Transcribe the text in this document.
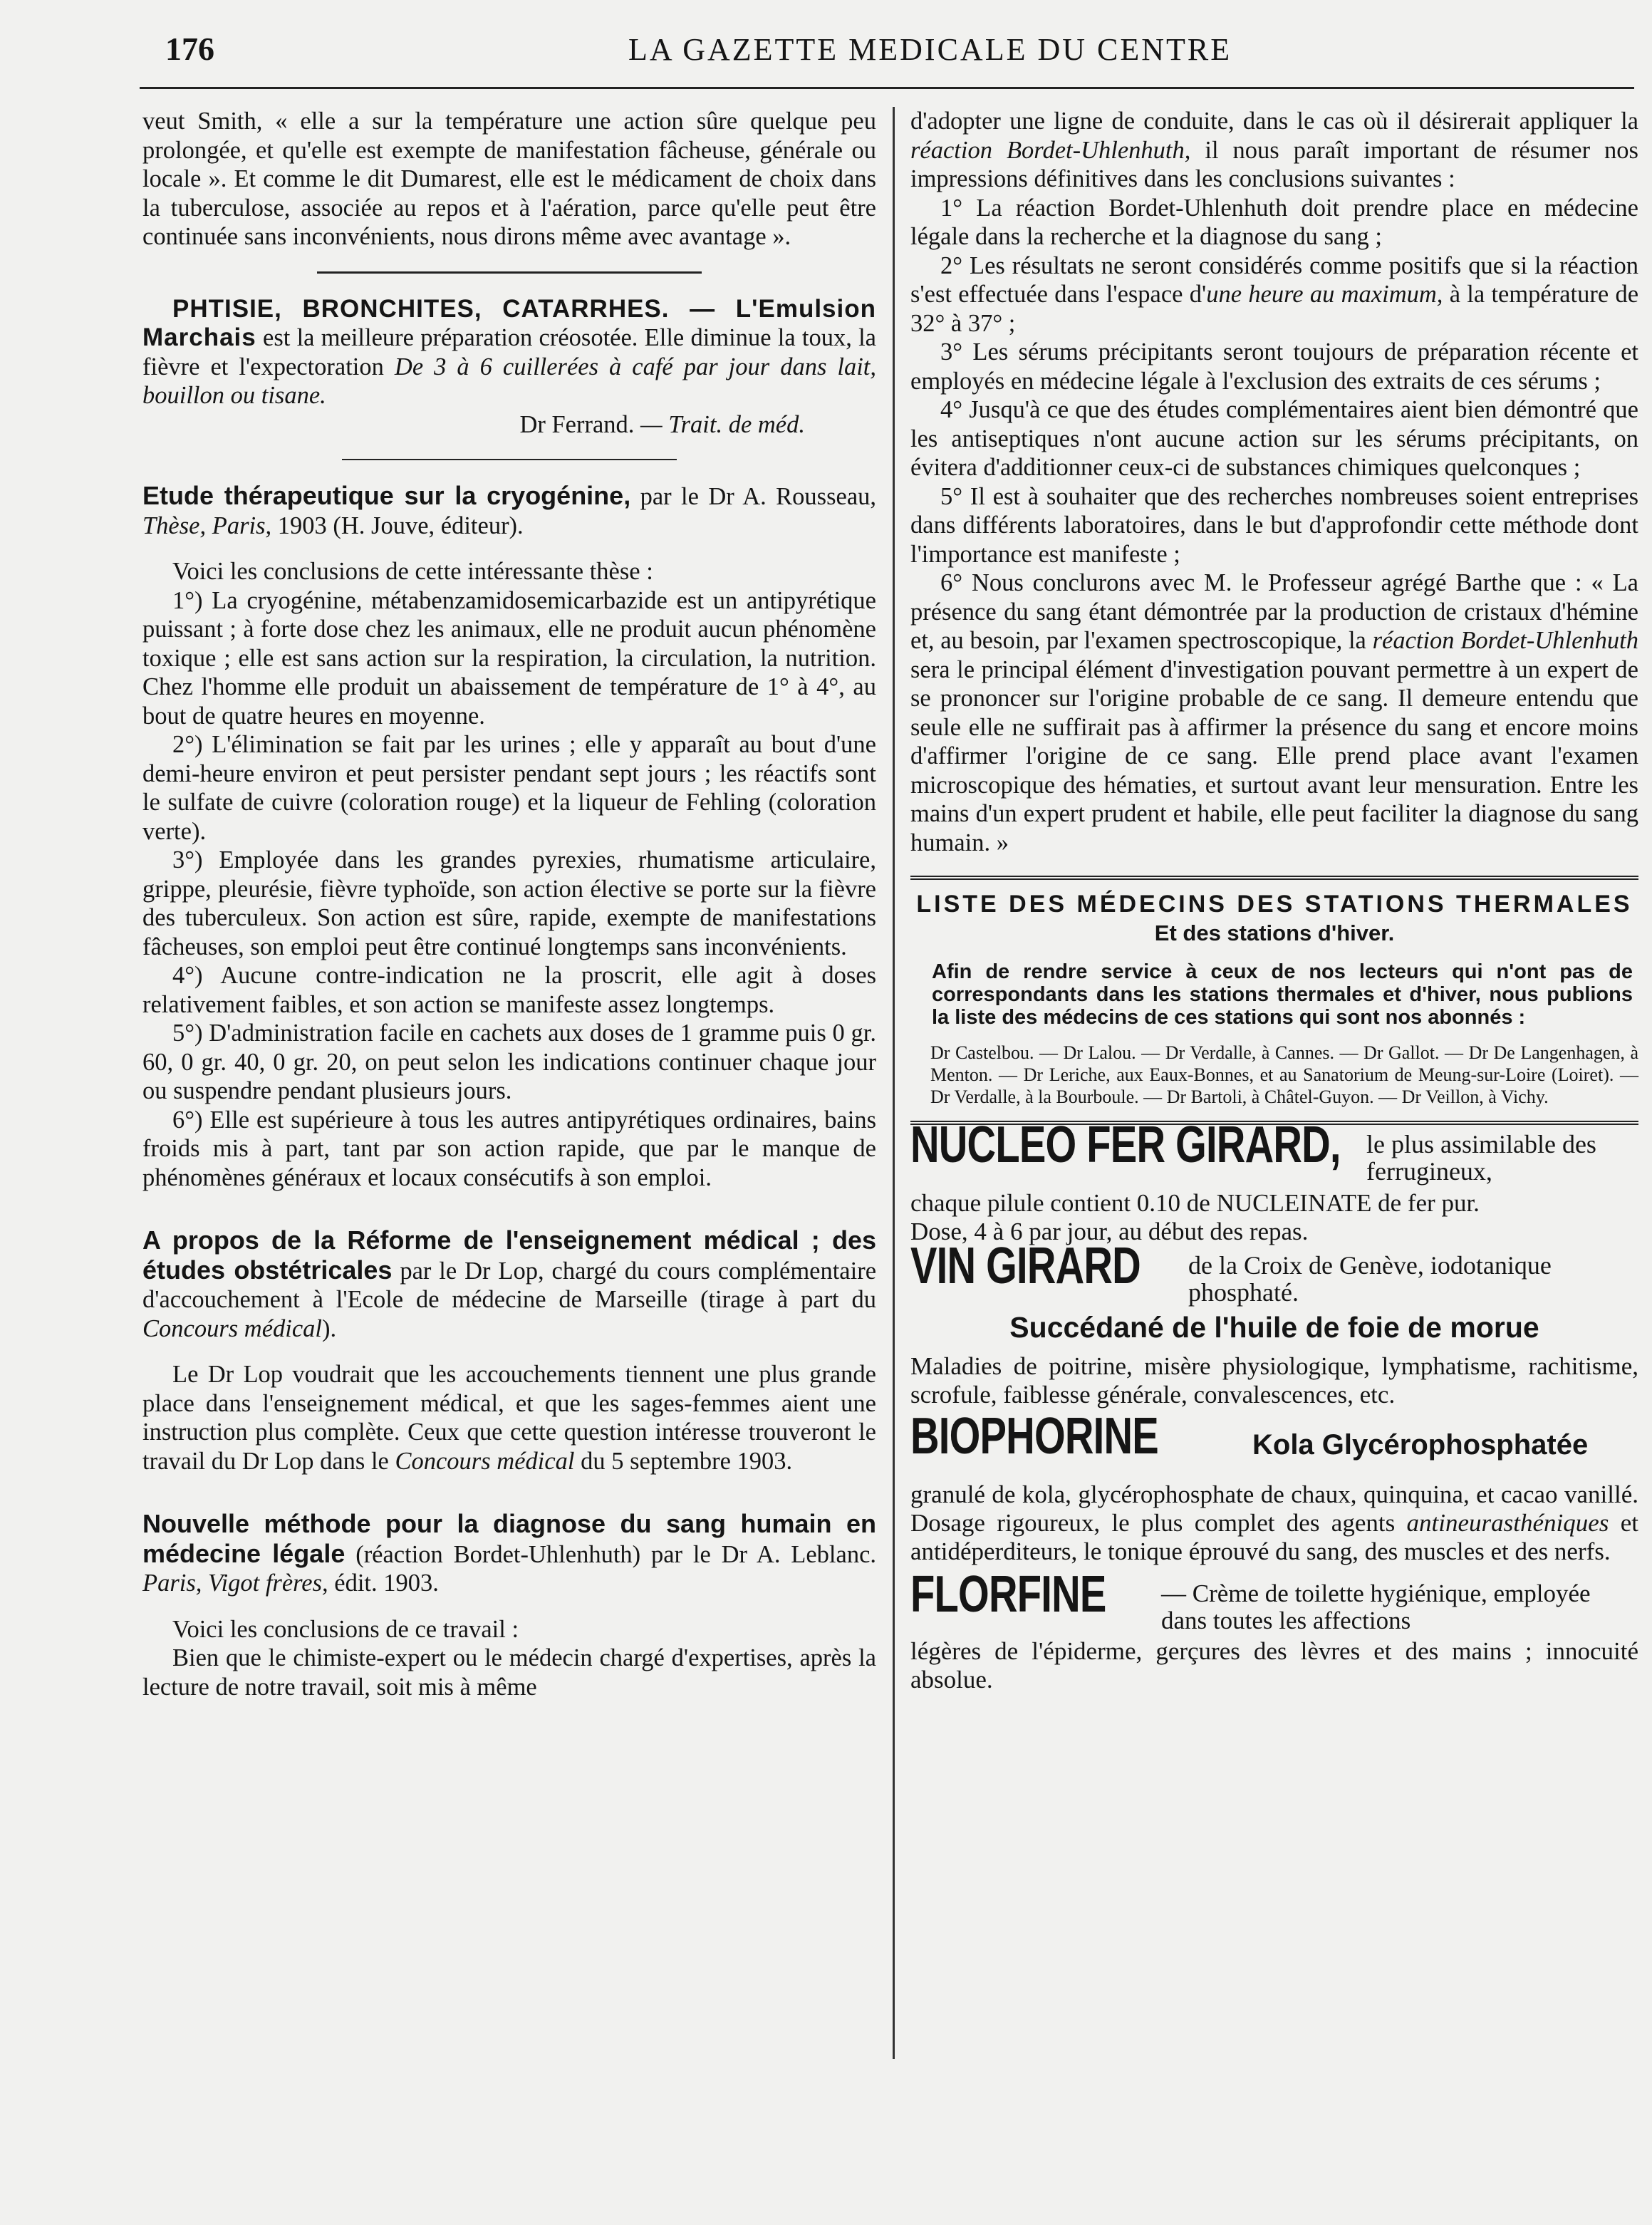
176	LA GAZETTE MEDICALE DU CENTRE

veut Smith, « elle a sur la température une action sûre quelque peu prolongée, et qu'elle est exempte de manifestation fâcheuse, générale ou locale ». Et comme le dit Dumarest, elle est le médicament de choix dans la tuberculose, associée au repos et à l'aération, parce qu'elle peut être continuée sans inconvénients, nous dirons même avec avantage ».

PHTISIE, BRONCHITES, CATARRHES. — L'Emulsion Marchais est la meilleure préparation créosotée. Elle diminue la toux, la fièvre et l'expectoration De 3 à 6 cuillerées à café par jour dans lait, bouillon ou tisane.

Dr Ferrand. — Trait. de méd.

Etude thérapeutique sur la cryogénine, par le Dr A. Rousseau, Thèse, Paris, 1903 (H. Jouve, éditeur).

Voici les conclusions de cette intéressante thèse :

1°) La cryogénine, métabenzamidosemicarbazide est un antipyrétique puissant ; à forte dose chez les animaux, elle ne produit aucun phénomène toxique ; elle est sans action sur la respiration, la circulation, la nutrition. Chez l'homme elle produit un abaissement de température de 1° à 4°, au bout de quatre heures en moyenne.

2°) L'élimination se fait par les urines ; elle y apparaît au bout d'une demi-heure environ et peut persister pendant sept jours ; les réactifs sont le sulfate de cuivre (coloration rouge) et la liqueur de Fehling (coloration verte).

3°) Employée dans les grandes pyrexies, rhumatisme articulaire, grippe, pleurésie, fièvre typhoïde, son action élective se porte sur la fièvre des tuberculeux. Son action est sûre, rapide, exempte de manifestations fâcheuses, son emploi peut être continué longtemps sans inconvénients.

4°) Aucune contre-indication ne la proscrit, elle agit à doses relativement faibles, et son action se manifeste assez longtemps.

5°) D'administration facile en cachets aux doses de 1 gramme puis 0 gr. 60, 0 gr. 40, 0 gr. 20, on peut selon les indications continuer chaque jour ou suspendre pendant plusieurs jours.

6°) Elle est supérieure à tous les autres antipyrétiques ordinaires, bains froids mis à part, tant par son action rapide, que par le manque de phénomènes généraux et locaux consécutifs à son emploi.

A propos de la Réforme de l'enseignement médical ; des études obstétricales par le Dr Lop, chargé du cours complémentaire d'accouchement à l'Ecole de médecine de Marseille (tirage à part du Concours médical).

Le Dr Lop voudrait que les accouchements tiennent une plus grande place dans l'enseignement médical, et que les sages-femmes aient une instruction plus complète. Ceux que cette question intéresse trouveront le travail du Dr Lop dans le Concours médical du 5 septembre 1903.

Nouvelle méthode pour la diagnose du sang humain en médecine légale (réaction Bordet-Uhlenhuth) par le Dr A. Leblanc. Paris, Vigot frères, édit. 1903.

Voici les conclusions de ce travail :

Bien que le chimiste-expert ou le médecin chargé d'expertises, après la lecture de notre travail, soit mis à même

d'adopter une ligne de conduite, dans le cas où il désirerait appliquer la réaction Bordet-Uhlenhuth, il nous paraît important de résumer nos impressions définitives dans les conclusions suivantes :

1° La réaction Bordet-Uhlenhuth doit prendre place en médecine légale dans la recherche et la diagnose du sang ;

2° Les résultats ne seront considérés comme positifs que si la réaction s'est effectuée dans l'espace d'une heure au maximum, à la température de 32° à 37° ;

3° Les sérums précipitants seront toujours de préparation récente et employés en médecine légale à l'exclusion des extraits de ces sérums ;

4° Jusqu'à ce que des études complémentaires aient bien démontré que les antiseptiques n'ont aucune action sur les sérums précipitants, on évitera d'additionner ceux-ci de substances chimiques quelconques ;

5° Il est à souhaiter que des recherches nombreuses soient entreprises dans différents laboratoires, dans le but d'approfondir cette méthode dont l'importance est manifeste ;

6° Nous conclurons avec M. le Professeur agrégé Barthe que : « La présence du sang étant démontrée par la production de cristaux d'hémine et, au besoin, par l'examen spectroscopique, la réaction Bordet-Uhlenhuth sera le principal élément d'investigation pouvant permettre à un expert de se prononcer sur l'origine probable de ce sang. Il demeure entendu que seule elle ne suffirait pas à affirmer la présence du sang et encore moins d'affirmer l'origine de ce sang. Elle prend place avant l'examen microscopique des hématies, et surtout avant leur mensuration. Entre les mains d'un expert prudent et habile, elle peut faciliter la diagnose du sang humain. »

LISTE DES MÉDECINS DES STATIONS THERMALES
Et des stations d'hiver.

Afin de rendre service à ceux de nos lecteurs qui n'ont pas de correspondants dans les stations thermales et d'hiver, nous publions la liste des médecins de ces stations qui sont nos abonnés :

Dr Castelbou. — Dr Lalou. — Dr Verdalle, à Cannes. — Dr Gallot. — Dr De Langenhagen, à Menton. — Dr Leriche, aux Eaux-Bonnes, et au Sanatorium de Meung-sur-Loire (Loiret). — Dr Verdalle, à la Bourboule. — Dr Bartoli, à Châtel-Guyon. — Dr Veillon, à Vichy.

NUCLEO FER GIRARD,	le plus assimilable des ferrugineux,
chaque pilule contient 0.10 de NUCLEINATE de fer pur.
Dose, 4 à 6 par jour, au début des repas.
VIN GIRARD de la Croix de Genève, iodotanique phosphaté.
Succédané de l'huile de foie de morue

Maladies de poitrine, misère physiologique, lymphatisme, rachitisme, scrofule, faiblesse générale, convalescences, etc.

BIOPHORINE	Kola Glycérophosphatée

granulé de kola, glycérophosphate de chaux, quinquina, et cacao vanillé. Dosage rigoureux, le plus complet des agents antineurasthéniques et antidéperditeurs, le tonique éprouvé du sang, des muscles et des nerfs.

FLORFINE — Crème de toilette hygiénique, employée dans toutes les affections

légères de l'épiderme, gerçures des lèvres et des mains ; innocuité absolue.
